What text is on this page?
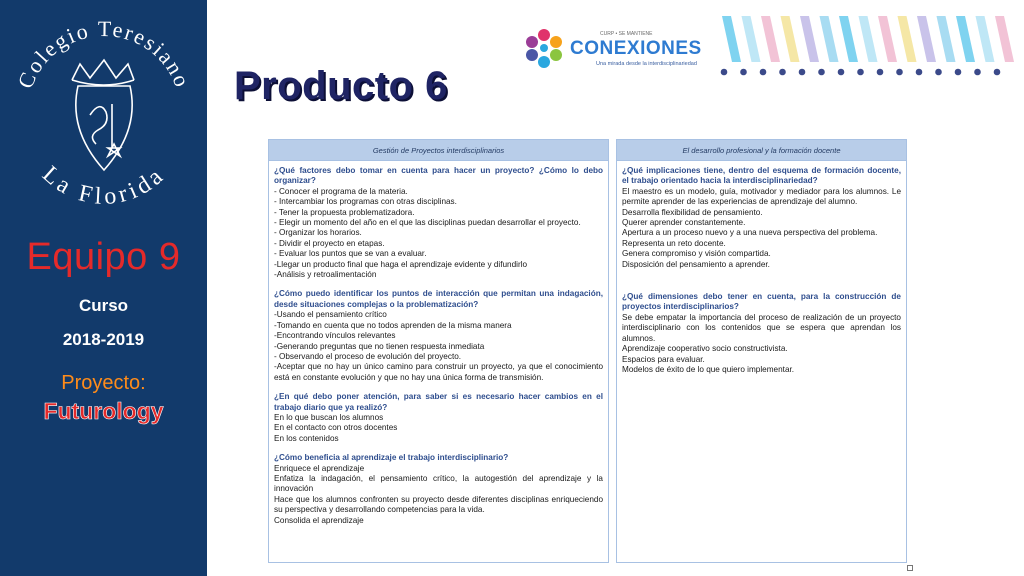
Colegio Teresiano
La Florida
Equipo 9
Curso
2018-2019
Proyecto:
Futurology
Producto 6
CURP • SE MANTIENE
CONEXIONES
Una mirada desde la interdisciplinariedad
Gestión de Proyectos interdisciplinarios
¿Qué factores debo tomar en cuenta para hacer un proyecto? ¿Cómo lo debo organizar?
- Conocer el programa de la materia.
- Intercambiar los programas con otras disciplinas.
- Tener la propuesta problematizadora.
- Elegir un momento del año en el que las disciplinas puedan desarrollar el proyecto.
- Organizar los horarios.
- Dividir el proyecto en etapas.
- Evaluar los puntos que se van a evaluar.
-Llegar un producto final que haga el aprendizaje evidente y difundirlo
-Análisis y retroalimentación
¿Cómo puedo identificar los puntos de interacción que permitan una indagación, desde situaciones complejas o la problematización?
-Usando el pensamiento crítico
-Tomando en cuenta que no todos aprenden de la misma manera
-Encontrando vínculos relevantes
-Generando preguntas que no tienen respuesta inmediata
- Observando el proceso de evolución del proyecto.
-Aceptar que no hay un único camino para construir un proyecto, ya que el conocimiento está en constante evolución y que no hay una única forma de transmisión.
¿En qué debo poner atención, para saber si es necesario hacer cambios en el trabajo diario que ya realizó?
En lo que buscan los alumnos
En el contacto con otros docentes
En los contenidos
¿Cómo beneficia al aprendizaje el trabajo interdisciplinario?
Enriquece el aprendizaje
Enfatiza la indagación, el pensamiento crítico, la autogestión del aprendizaje y la innovación
Hace que los alumnos confronten su proyecto desde diferentes disciplinas enriqueciendo su perspectiva y desarrollando competencias para la vida.
Consolida el aprendizaje
El desarrollo profesional y la formación docente
¿Qué implicaciones tiene, dentro del esquema de formación docente, el trabajo orientado hacia la interdisciplinariedad?
El maestro es un modelo, guía, motivador y mediador para los alumnos. Le permite aprender de las experiencias de aprendizaje del alumno.
Desarrolla flexibilidad de pensamiento.
Querer aprender constantemente.
Apertura a un proceso nuevo y a una nueva perspectiva del problema.
Representa un reto docente.
Genera compromiso y visión compartida.
Disposición del pensamiento a aprender.
¿Qué dimensiones debo tener en cuenta, para la construcción de proyectos interdisciplinarios?
Se debe empatar la importancia del proceso de realización de un proyecto interdisciplinario con los contenidos que se espera que aprendan los alumnos.
Aprendizaje cooperativo socio constructivista.
Espacios para evaluar.
Modelos de éxito de lo que quiero implementar.
